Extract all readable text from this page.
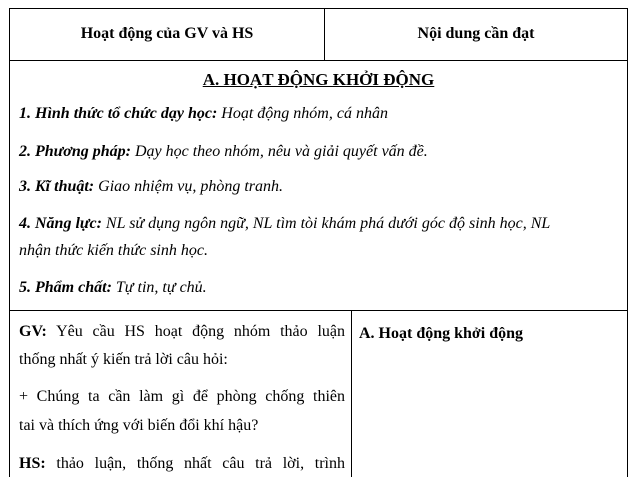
Hoạt động của GV và HS	Nội dung cần đạt
A. HOẠT ĐỘNG KHỞI ĐỘNG
1. Hình thức tổ chức dạy học: Hoạt động nhóm, cá nhân
2. Phương pháp: Dạy học theo nhóm, nêu và giải quyết vấn đề.
3. Kĩ thuật: Giao nhiệm vụ, phòng tranh.
4. Năng lực: NL sử dụng ngôn ngữ, NL tìm tòi khám phá dưới góc độ sinh học, NL
nhận thức kiến thức sinh học.
5. Phẩm chất: Tự tin, tự chủ.
GV: Yêu cầu HS hoạt động nhóm thảo luận
thống nhất ý kiến trả lời câu hỏi:
+ Chúng ta cần làm gì để phòng chống thiên
tai và thích ứng với biến đổi khí hậu?
HS: thảo luận, thống nhất câu trả lời, trình
A. Hoạt động khởi động
